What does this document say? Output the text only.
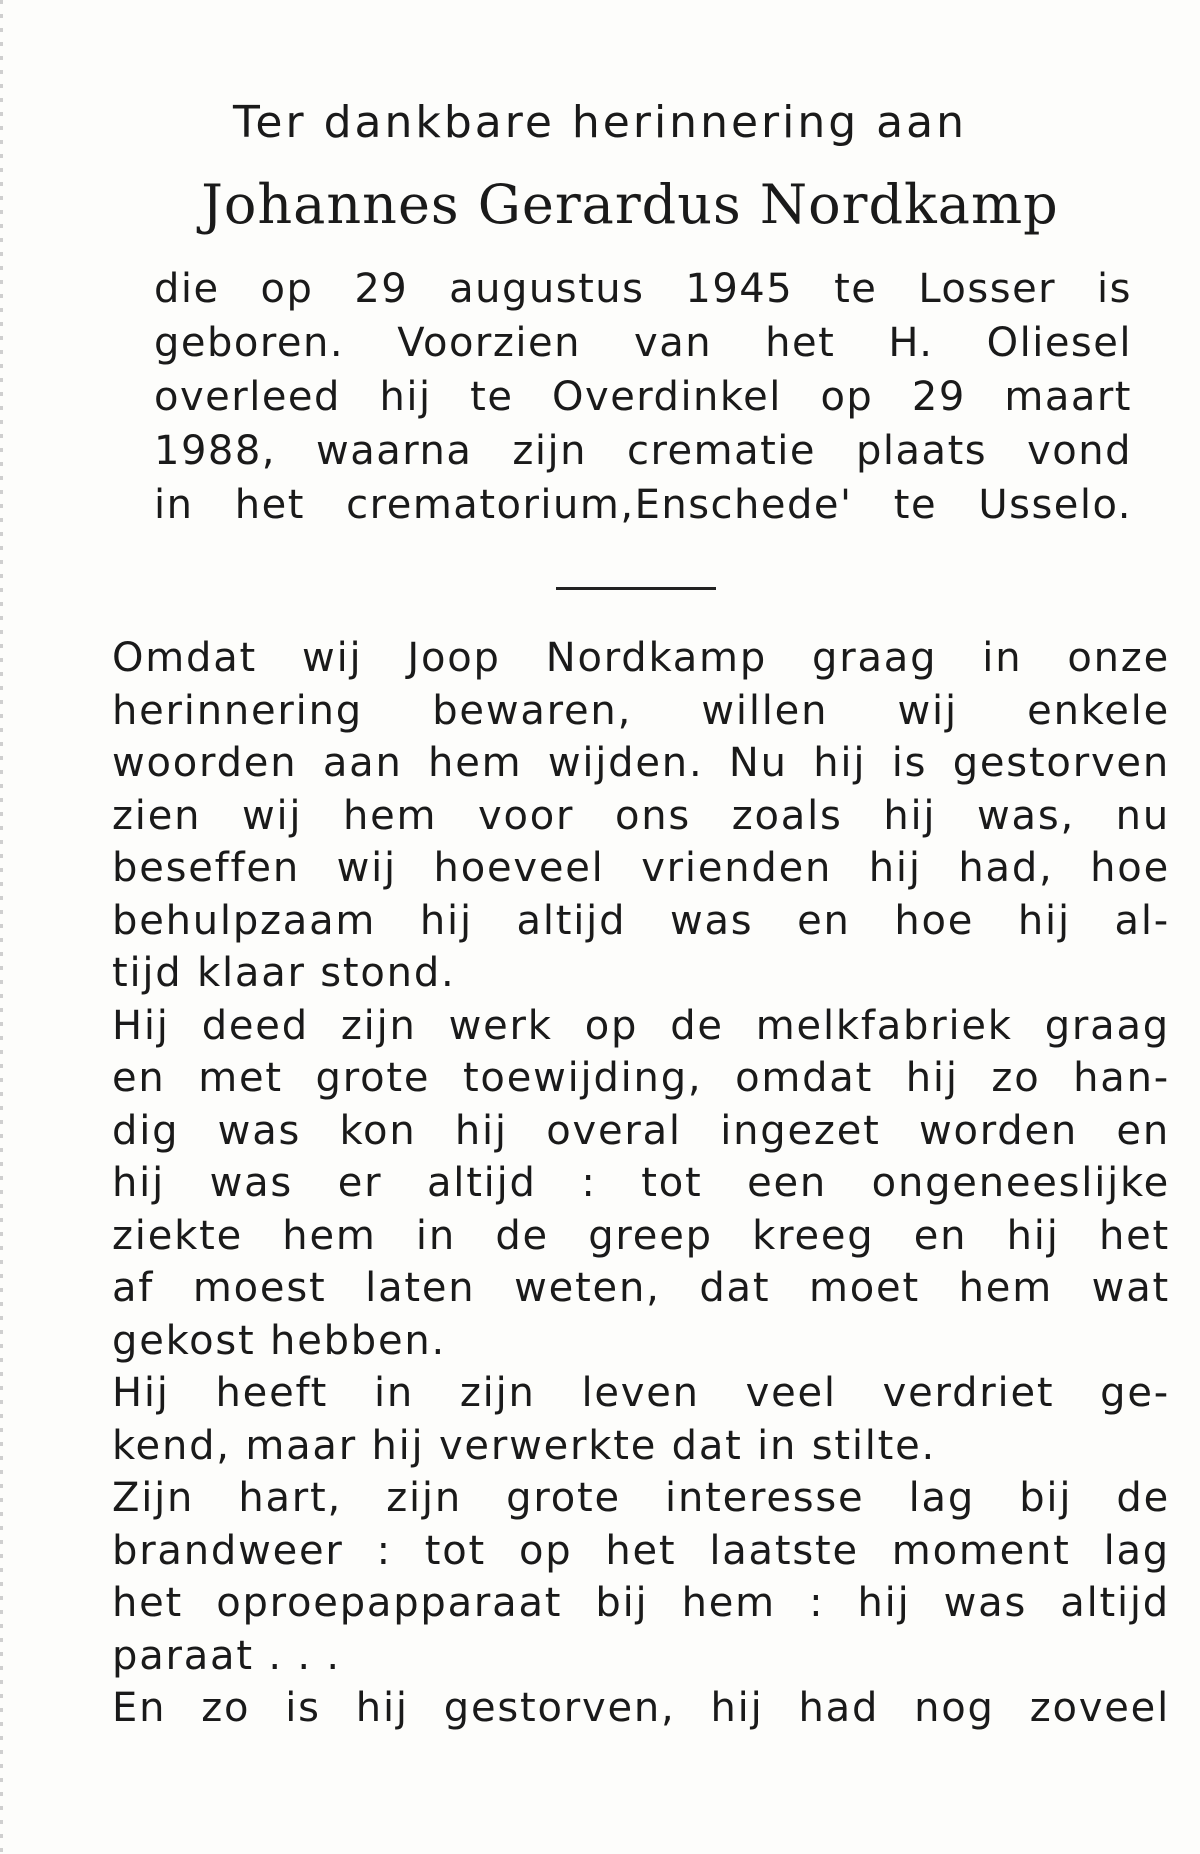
Ter dankbare herinnering aan
Johannes Gerardus Nordkamp
die op 29 augustus 1945 te Losser is
geboren. Voorzien van het H. Oliesel
overleed hij te Overdinkel op 29 maart
1988, waarna zijn crematie plaats vond
in het crematorium,Enschede' te Usselo.
Omdat wij Joop Nordkamp graag in onze
herinnering bewaren, willen wij enkele
woorden aan hem wijden. Nu hij is gestorven
zien wij hem voor ons zoals hij was, nu
beseffen wij hoeveel vrienden hij had, hoe
behulpzaam hij altijd was en hoe hij al-
tijd klaar stond.
Hij deed zijn werk op de melkfabriek graag
en met grote toewijding, omdat hij zo han-
dig was kon hij overal ingezet worden en
hij was er altijd : tot een ongeneeslijke
ziekte hem in de greep kreeg en hij het
af moest laten weten, dat moet hem wat
gekost hebben.
Hij heeft in zijn leven veel verdriet ge-
kend, maar hij verwerkte dat in stilte.
Zijn hart, zijn grote interesse lag bij de
brandweer : tot op het laatste moment lag
het oproepapparaat bij hem : hij was altijd
paraat . . .
En zo is hij gestorven, hij had nog zoveel
